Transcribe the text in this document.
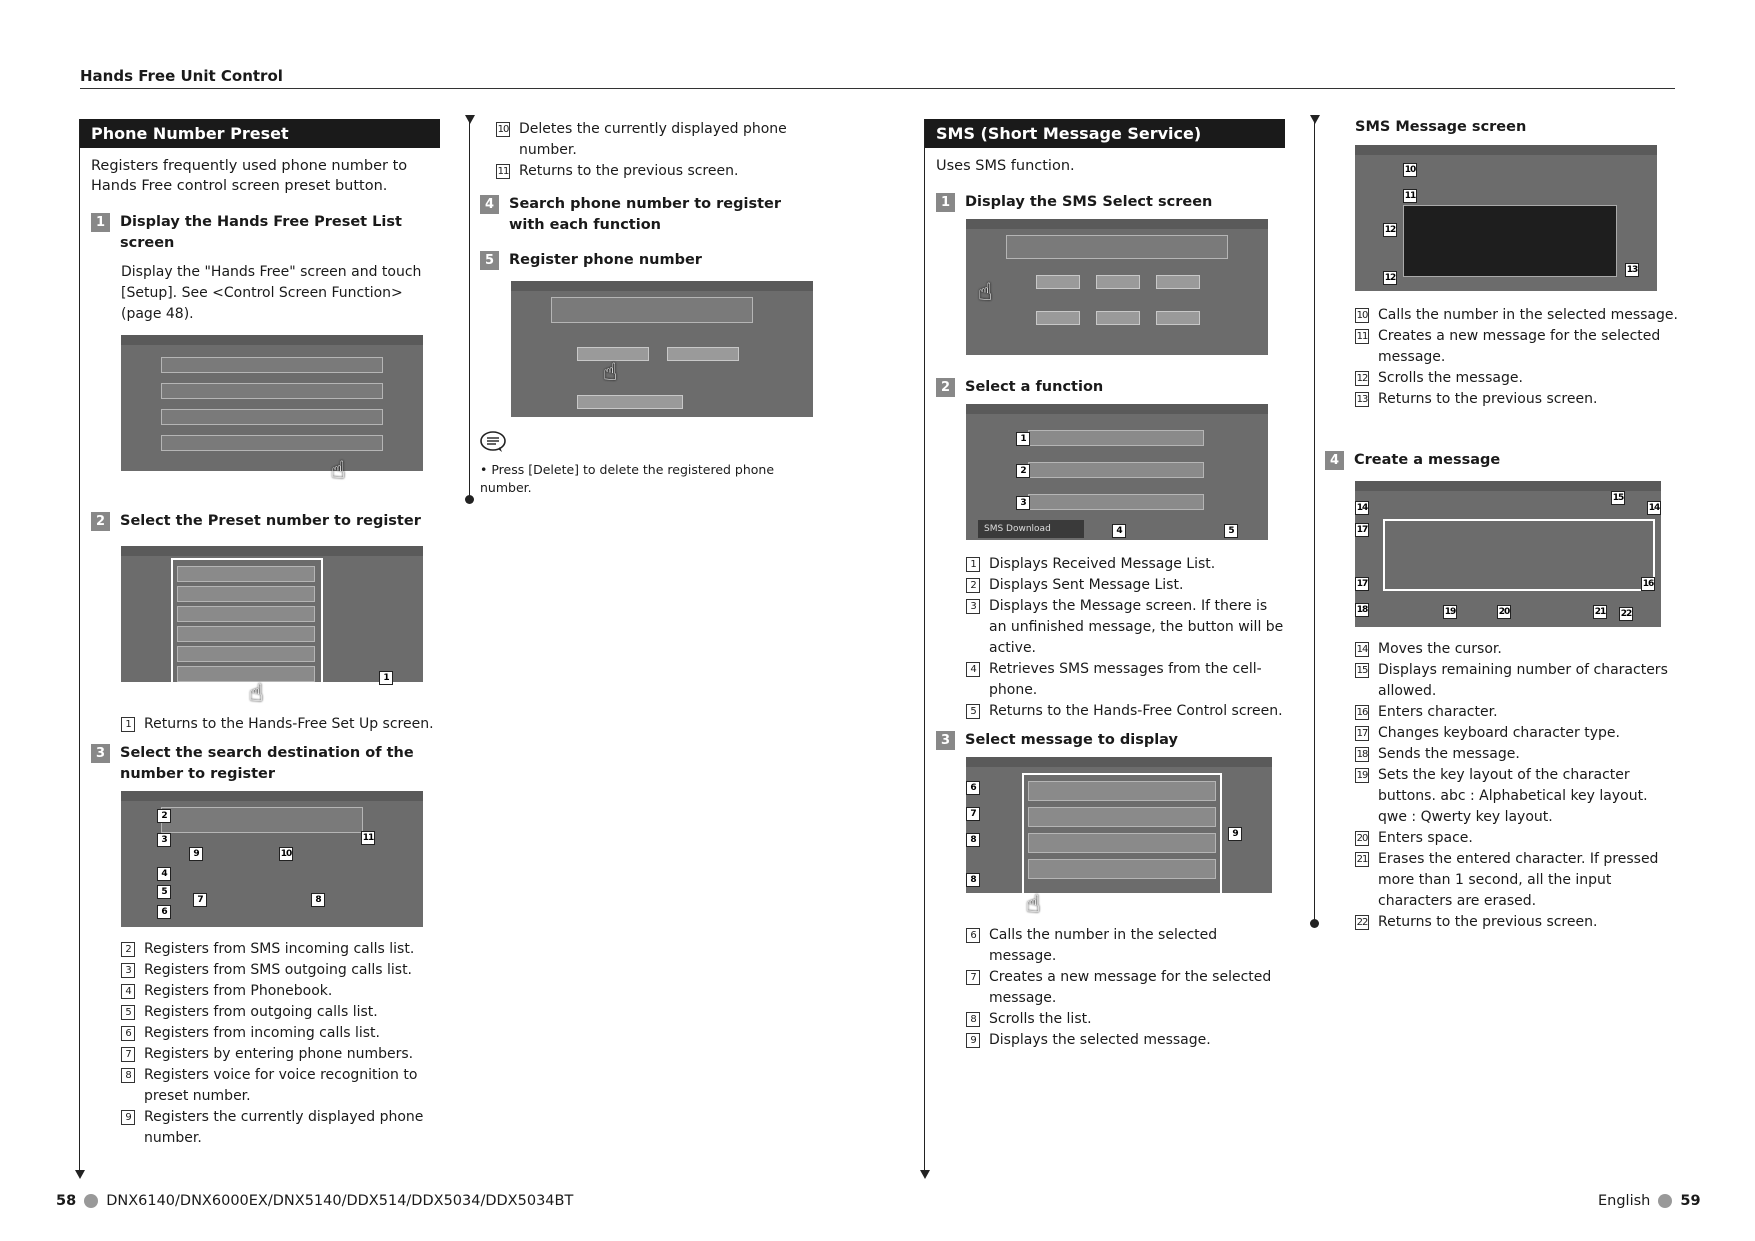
Hands Free Unit Control
Phone Number Preset
Registers frequently used phone number to Hands Free control screen preset button.
1	Display the Hands Free Preset List screen
Display the "Hands Free" screen and touch [Setup]. See <Control Screen Function> (page 48).
☝
2	Select the Preset number to register
1
☝
1 Returns to the Hands-Free Set Up screen.
3	Select the search destination of the number to register
2
3
9	10
11
4
5
6
7	8
2 Registers from SMS incoming calls list.
3 Registers from SMS outgoing calls list.
4 Registers from Phonebook.
5 Registers from outgoing calls list.
6 Registers from incoming calls list.
7 Registers by entering phone numbers.
8 Registers voice for voice recognition to preset number.
9 Registers the currently displayed phone number.
10 Deletes the currently displayed phone number.
11 Returns to the previous screen.
4	Search phone number to register with each function
5	Register phone number
☝
• Press [Delete] to delete the registered phone number.
58 DNX6140/DNX6000EX/DNX5140/DDX514/DDX5034/DDX5034BT
SMS (Short Message Service)
Uses SMS function.
1	Display the SMS Select screen
☝
2	Select a function
1
2
3
SMS Download	4	5
1 Displays Received Message List.
2 Displays Sent Message List.
3 Displays the Message screen. If there is an unfinished message, the button will be active.
4 Retrieves SMS messages from the cell-phone.
5 Returns to the Hands-Free Control screen.
3	Select message to display
6
7
8
8
9
☝
6 Calls the number in the selected message.
7 Creates a new message for the selected message.
8 Scrolls the list.
9 Displays the selected message.
SMS Message screen
10
11
12
12
13
10 Calls the number in the selected message.
11 Creates a new message for the selected message.
12 Scrolls the message.
13 Returns to the previous screen.
4	Create a message
14
15
14
17
17	16
18	19	20	21 22
14 Moves the cursor.
15 Displays remaining number of characters allowed.
16 Enters character.
17 Changes keyboard character type.
18 Sends the message.
19 Sets the key layout of the character buttons. abc : Alphabetical key layout. qwe : Qwerty key layout.
20 Enters space.
21 Erases the entered character. If pressed more than 1 second, all the input characters are erased.
22 Returns to the previous screen.
English 59
